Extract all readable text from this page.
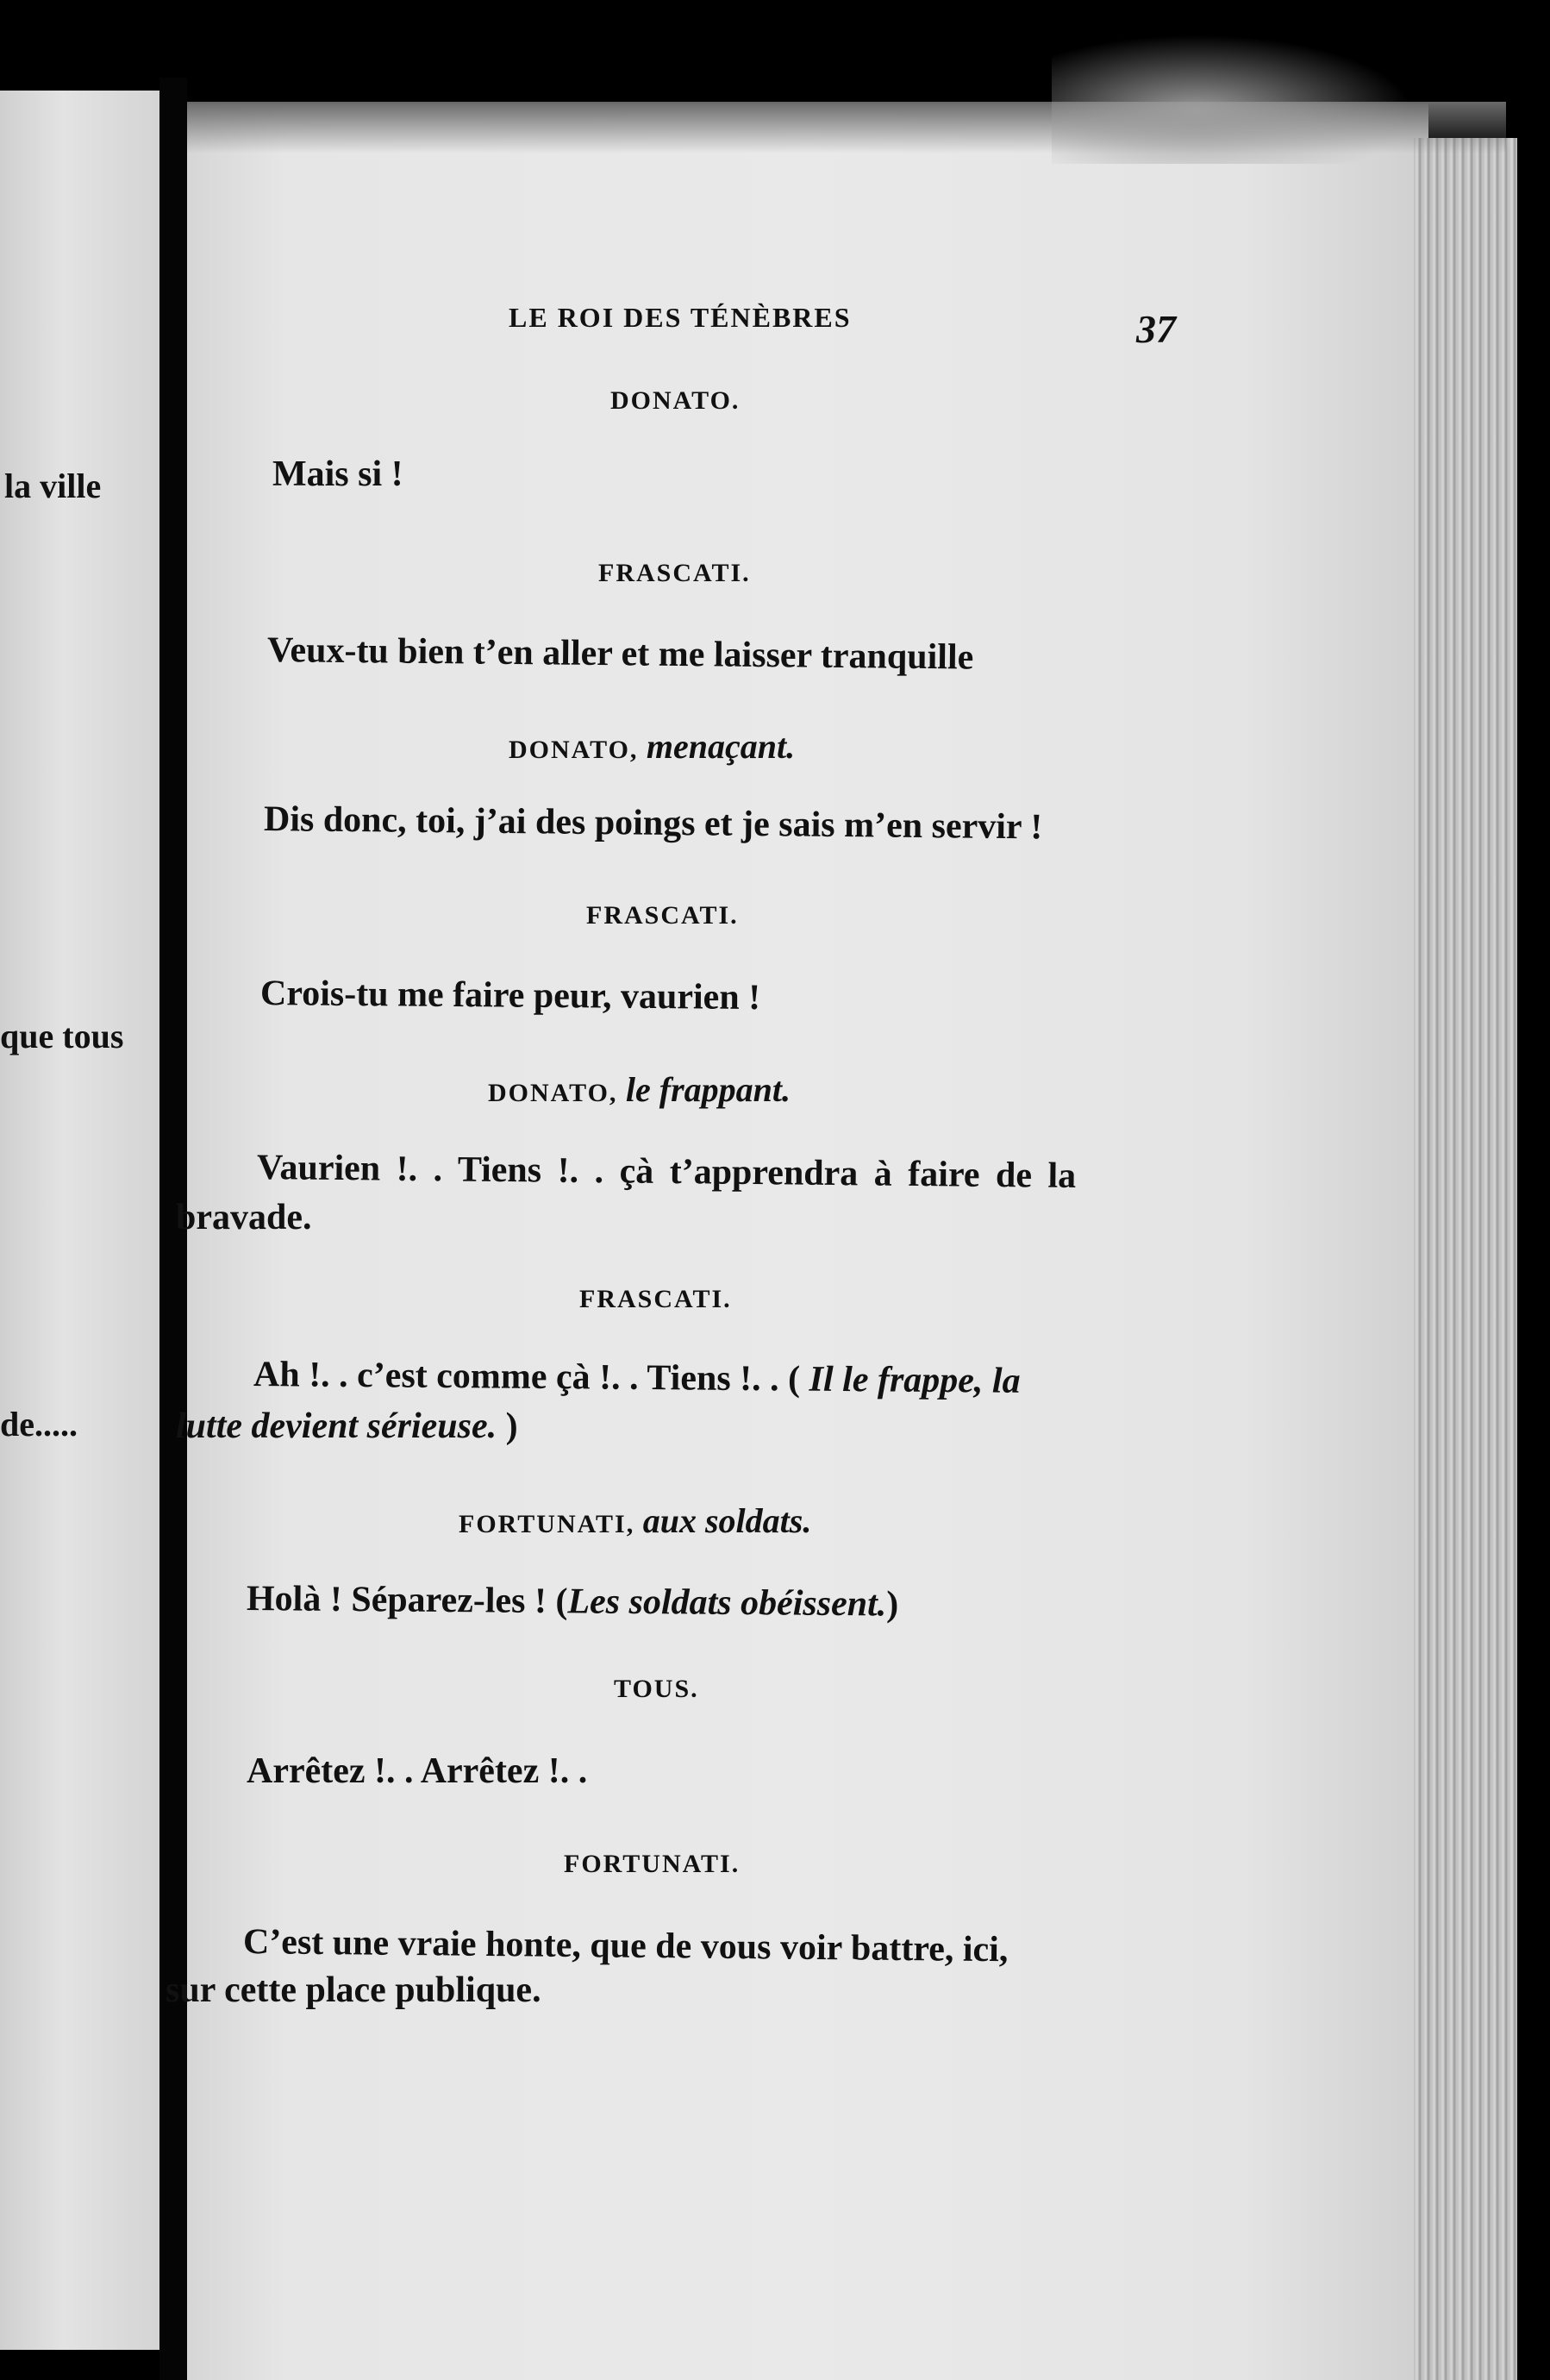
la ville
que tous
de.....
LE ROI DES TÉNÈBRES	37
DONATO.
Mais si !
FRASCATI.
Veux-tu bien t’en aller et me laisser tranquille
DONATO, menaçant.
Dis donc, toi, j’ai des poings et je sais m’en servir !
FRASCATI.
Crois-tu me faire peur, vaurien !
DONATO, le frappant.
Vaurien !. . Tiens !. . çà t’apprendra à faire de la
bravade.
FRASCATI.
Ah !. . c’est comme çà !. . Tiens !. . ( Il le frappe, la
lutte devient sérieuse. )
FORTUNATI, aux soldats.
Holà ! Séparez-les ! (Les soldats obéissent.)
TOUS.
Arrêtez !. . Arrêtez !. .
FORTUNATI.
C’est une vraie honte, que de vous voir battre, ici,
sur cette place publique.
